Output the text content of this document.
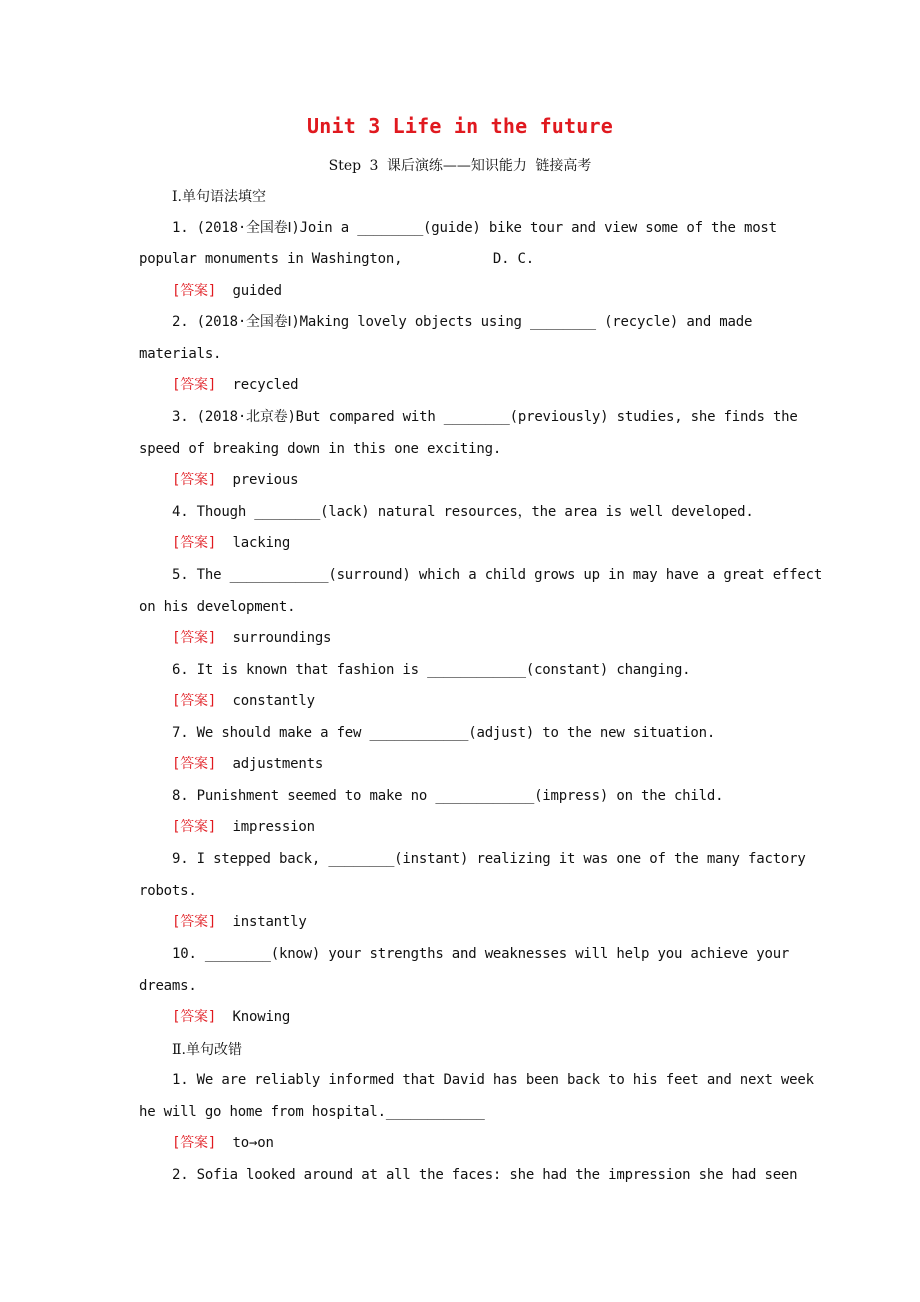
Unit 3 Life in the future
Step 3 课后演练——知识能力 链接高考
Ⅰ.单句语法填空
1. (2018·全国卷Ⅰ)Join a ________(guide) bike tour and view some of the most
popular monuments in Washington,           D. C.
[答案] guided
2. (2018·全国卷Ⅰ)Making lovely objects using ________ (recycle) and made
materials.
[答案] recycled
3. (2018·北京卷)But compared with ________(previously) studies, she finds the
speed of breaking down in this one exciting.
[答案] previous
4. Though ________(lack) natural resources，the area is well developed.
[答案] lacking
5. The ____________(surround) which a child grows up in may have a great effect
on his development.
[答案] surroundings
6. It is known that fashion is ____________(constant) changing.
[答案] constantly
7. We should make a few ____________(adjust) to the new situation.
[答案] adjustments
8. Punishment seemed to make no ____________(impress) on the child.
[答案] impression
9. I stepped back, ________(instant) realizing it was one of the many factory
robots.
[答案] instantly
10. ________(know) your strengths and weaknesses will help you achieve your
dreams.
[答案] Knowing
Ⅱ.单句改错
1. We are reliably informed that David has been back to his feet and next week
he will go home from hospital.____________
[答案] to→on
2. Sofia looked around at all the faces: she had the impression she had seen
